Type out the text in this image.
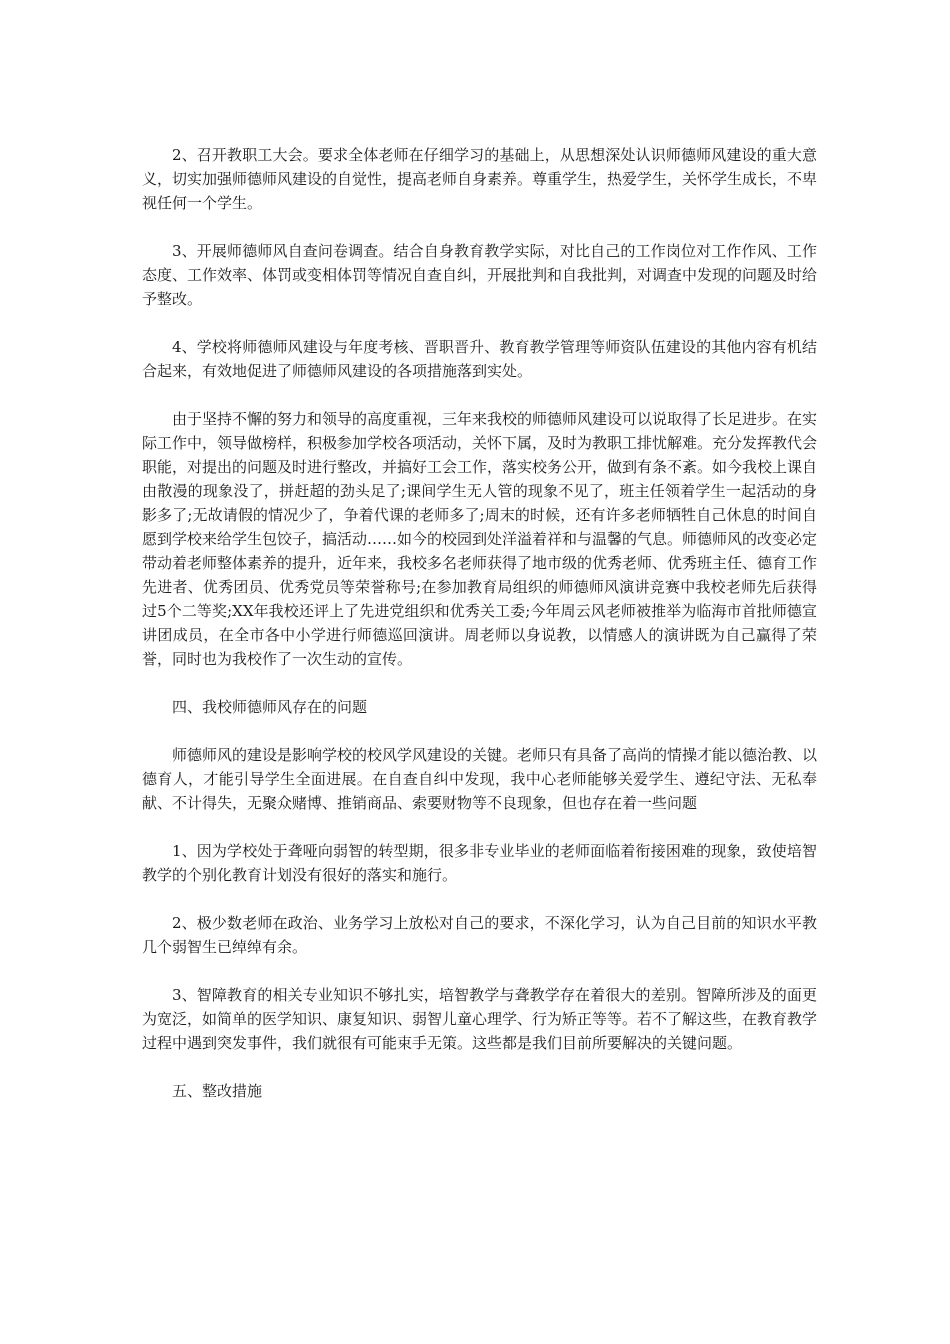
2、召开教职工大会。要求全体老师在仔细学习的基础上，从思想深处认识师德师风建设的重大意义，切实加强师德师风建设的自觉性，提高老师自身素养。尊重学生，热爱学生，关怀学生成长，不卑视任何一个学生。

3、开展师德师风自查问卷调查。结合自身教育教学实际，对比自己的工作岗位对工作作风、工作态度、工作效率、体罚或变相体罚等情况自查自纠，开展批判和自我批判，对调查中发现的问题及时给予整改。

4、学校将师德师风建设与年度考核、晋职晋升、教育教学管理等师资队伍建设的其他内容有机结合起来，有效地促进了师德师风建设的各项措施落到实处。

由于坚持不懈的努力和领导的高度重视，三年来我校的师德师风建设可以说取得了长足进步。在实际工作中，领导做榜样，积极参加学校各项活动，关怀下属，及时为教职工排忧解难。充分发挥教代会职能，对提出的问题及时进行整改，并搞好工会工作，落实校务公开，做到有条不紊。如今我校上课自由散漫的现象没了，拼赶超的劲头足了;课间学生无人管的现象不见了，班主任领着学生一起活动的身影多了;无故请假的情况少了，争着代课的老师多了;周末的时候，还有许多老师牺牲自己休息的时间自愿到学校来给学生包饺子，搞活动……如今的校园到处洋溢着祥和与温馨的气息。师德师风的改变必定带动着老师整体素养的提升，近年来，我校多名老师获得了地市级的优秀老师、优秀班主任、德育工作先进者、优秀团员、优秀党员等荣誉称号;在参加教育局组织的师德师风演讲竞赛中我校老师先后获得过5个二等奖;XX年我校还评上了先进党组织和优秀关工委;今年周云风老师被推举为临海市首批师德宣讲团成员，在全市各中小学进行师德巡回演讲。周老师以身说教，以情感人的演讲既为自己赢得了荣誉，同时也为我校作了一次生动的宣传。

四、我校师德师风存在的问题

师德师风的建设是影响学校的校风学风建设的关键。老师只有具备了高尚的情操才能以德治教、以德育人，才能引导学生全面进展。在自查自纠中发现，我中心老师能够关爱学生、遵纪守法、无私奉献、不计得失，无聚众赌博、推销商品、索要财物等不良现象，但也存在着一些问题

1、因为学校处于聋哑向弱智的转型期，很多非专业毕业的老师面临着衔接困难的现象，致使培智教学的个别化教育计划没有很好的落实和施行。

2、极少数老师在政治、业务学习上放松对自己的要求，不深化学习，认为自己目前的知识水平教几个弱智生已绰绰有余。

3、智障教育的相关专业知识不够扎实，培智教学与聋教学存在着很大的差别。智障所涉及的面更为宽泛，如简单的医学知识、康复知识、弱智儿童心理学、行为矫正等等。若不了解这些，在教育教学过程中遇到突发事件，我们就很有可能束手无策。这些都是我们目前所要解决的关键问题。

五、整改措施
